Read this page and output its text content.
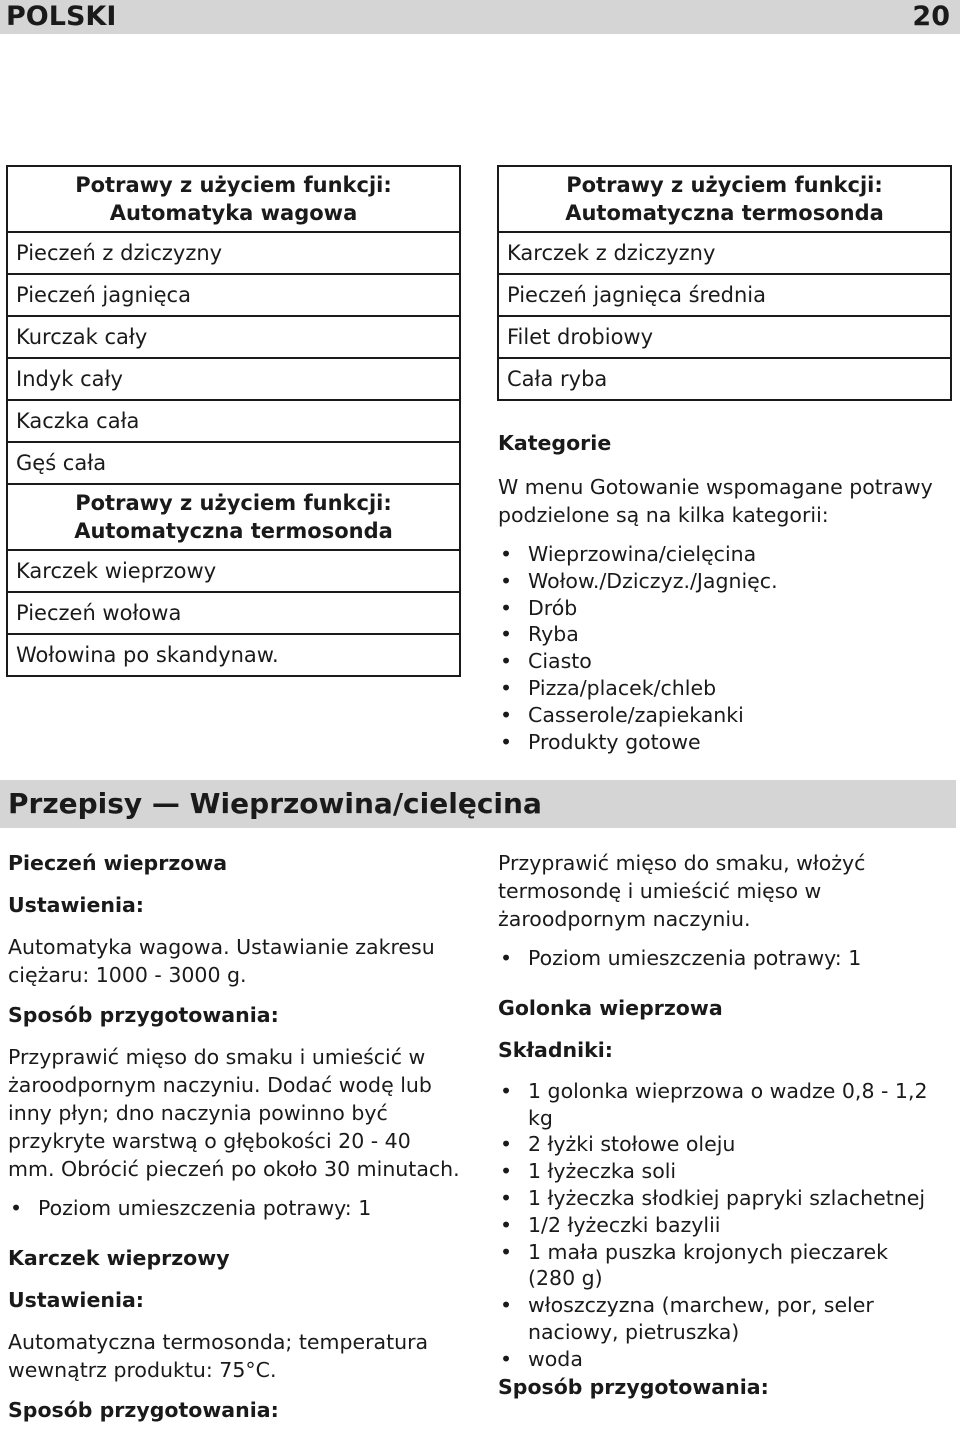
POLSKI	20
Potrawy z użyciem funkcji:
Automatyka wagowa
Pieczeń z dziczyzny
Pieczeń jagnięca
Kurczak cały
Indyk cały
Kaczka cała
Gęś cała
Potrawy z użyciem funkcji:
Automatyczna termosonda
Karczek wieprzowy
Pieczeń wołowa
Wołowina po skandynaw.
Potrawy z użyciem funkcji:
Automatyczna termosonda
Karczek z dziczyzny
Pieczeń jagnięca średnia
Filet drobiowy
Cała ryba

Kategorie

W menu Gotowanie wspomagane potrawy
podzielone są na kilka kategorii:

• Wieprzowina/cielęcina
• Wołow./Dziczyz./Jagnięc.
• Drób
• Ryba
• Ciasto
• Pizza/placek/chleb
• Casserole/zapiekanki
• Produkty gotowe
Przepisy — Wieprzowina/cielęcina

Pieczeń wieprzowa

Ustawienia:

Automatyka wagowa. Ustawianie zakresu
ciężaru: 1000 - 3000 g.

Sposób przygotowania:

Przyprawić mięso do smaku i umieścić w
żaroodpornym naczyniu. Dodać wodę lub
inny płyn; dno naczynia powinno być
przykryte warstwą o głębokości 20 - 40
mm. Obrócić pieczeń po około 30 minutach.

• Poziom umieszczenia potrawy: 1

Karczek wieprzowy

Ustawienia:

Automatyczna termosonda; temperatura
wewnątrz produktu: 75°C.

Sposób przygotowania:

Przyprawić mięso do smaku, włożyć
termosondę i umieścić mięso w
żaroodpornym naczyniu.

• Poziom umieszczenia potrawy: 1

Golonka wieprzowa

Składniki:

• 1 golonka wieprzowa o wadze 0,8 - 1,2
kg
• 2 łyżki stołowe oleju
• 1 łyżeczka soli
• 1 łyżeczka słodkiej papryki szlachetnej
• 1/2 łyżeczki bazylii
• 1 mała puszka krojonych pieczarek
(280 g)
• włoszczyzna (marchew, por, seler
naciowy, pietruszka)
• woda

Sposób przygotowania:
